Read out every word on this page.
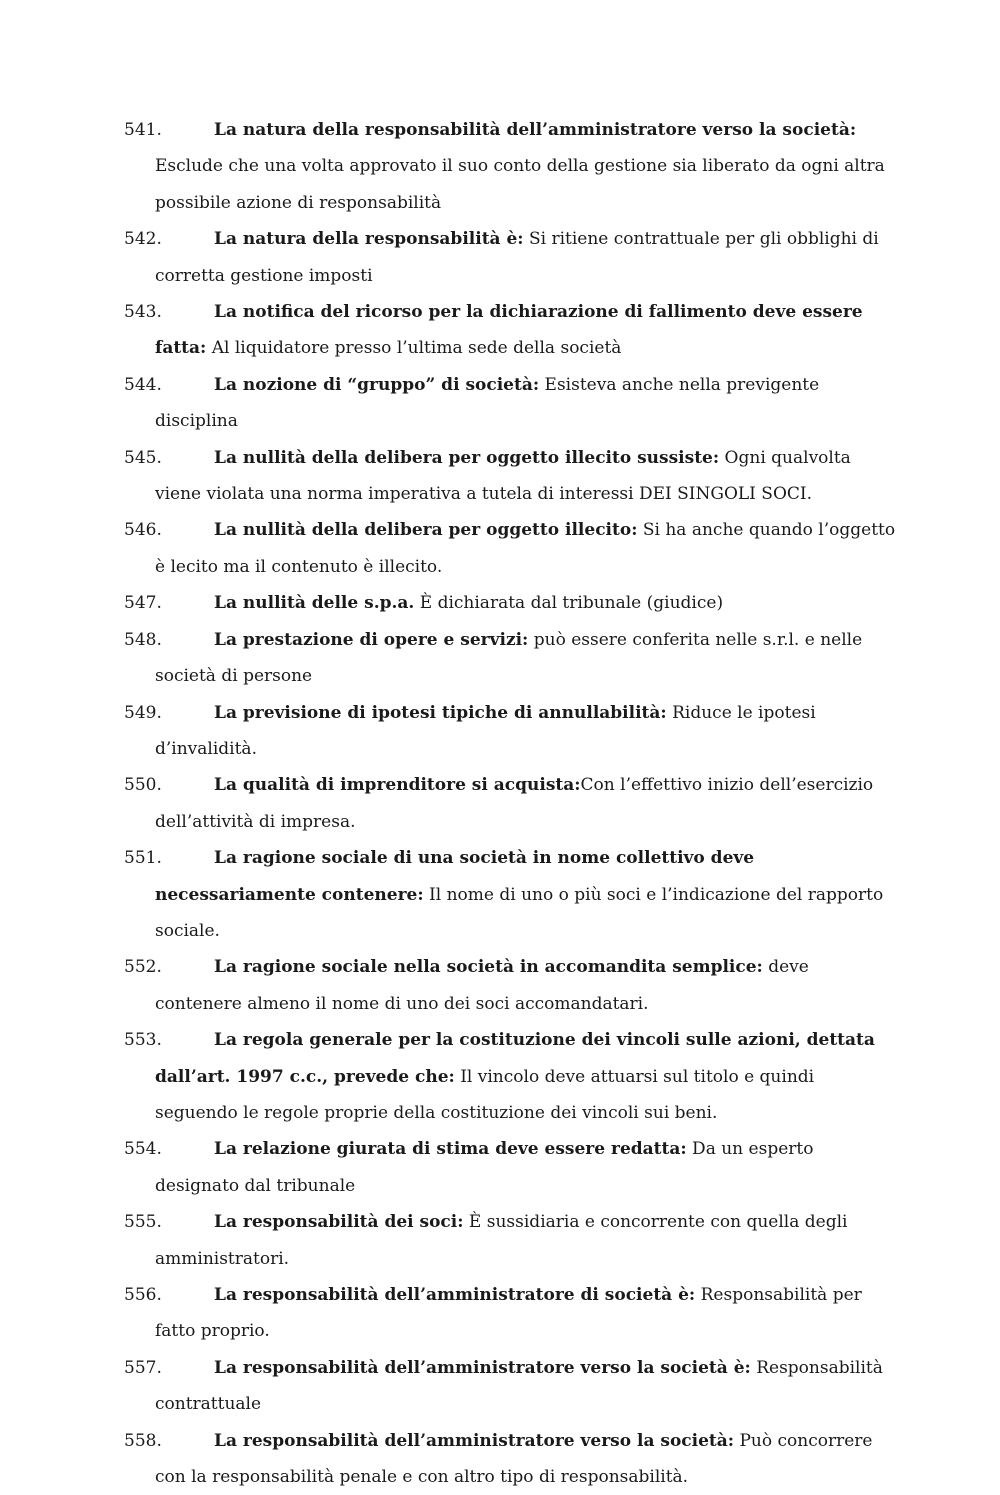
541.	La natura della responsabilità dell’amministratore verso la società: Esclude che una volta approvato il suo conto della gestione sia liberato da ogni altra possibile azione di responsabilità
542.	La natura della responsabilità è: Si ritiene contrattuale per gli obblighi di corretta gestione imposti
543.	La notifica del ricorso per la dichiarazione di fallimento deve essere fatta: Al liquidatore presso l’ultima sede della società
544.	La nozione di “gruppo” di società: Esisteva anche nella previgente disciplina
545.	La nullità della delibera per oggetto illecito sussiste: Ogni qualvolta viene violata una norma imperativa a tutela di interessi DEI SINGOLI SOCI.
546.	La nullità della delibera per oggetto illecito: Si ha anche quando l’oggetto è lecito ma il contenuto è illecito.
547.	La nullità delle s.p.a. È dichiarata dal tribunale (giudice)
548.	La prestazione di opere e servizi: può essere conferita nelle s.r.l. e nelle società di persone
549.	La previsione di ipotesi tipiche di annullabilità: Riduce le ipotesi d’invalidità.
550.	La qualità di imprenditore si acquista:Con l’effettivo inizio dell’esercizio dell’attività di impresa.
551.	La ragione sociale di una società in nome collettivo deve necessariamente contenere: Il nome di uno o più soci e l’indicazione del rapporto sociale.
552.	La ragione sociale nella società in accomandita semplice: deve contenere almeno il nome di uno dei soci accomandatari.
553.	La regola generale per la costituzione dei vincoli sulle azioni, dettata dall’art. 1997 c.c., prevede che: Il vincolo deve attuarsi sul titolo e quindi seguendo le regole proprie della costituzione dei vincoli sui beni.
554.	La relazione giurata di stima deve essere redatta: Da un esperto designato dal tribunale
555.	La responsabilità dei soci: È sussidiaria e concorrente con quella degli amministratori.
556.	La responsabilità dell’amministratore di società è: Responsabilità per fatto proprio.
557.	La responsabilità dell’amministratore verso la società è: Responsabilità contrattuale
558.	La responsabilità dell’amministratore verso la società: Può concorrere con la responsabilità penale e con altro tipo di responsabilità.
